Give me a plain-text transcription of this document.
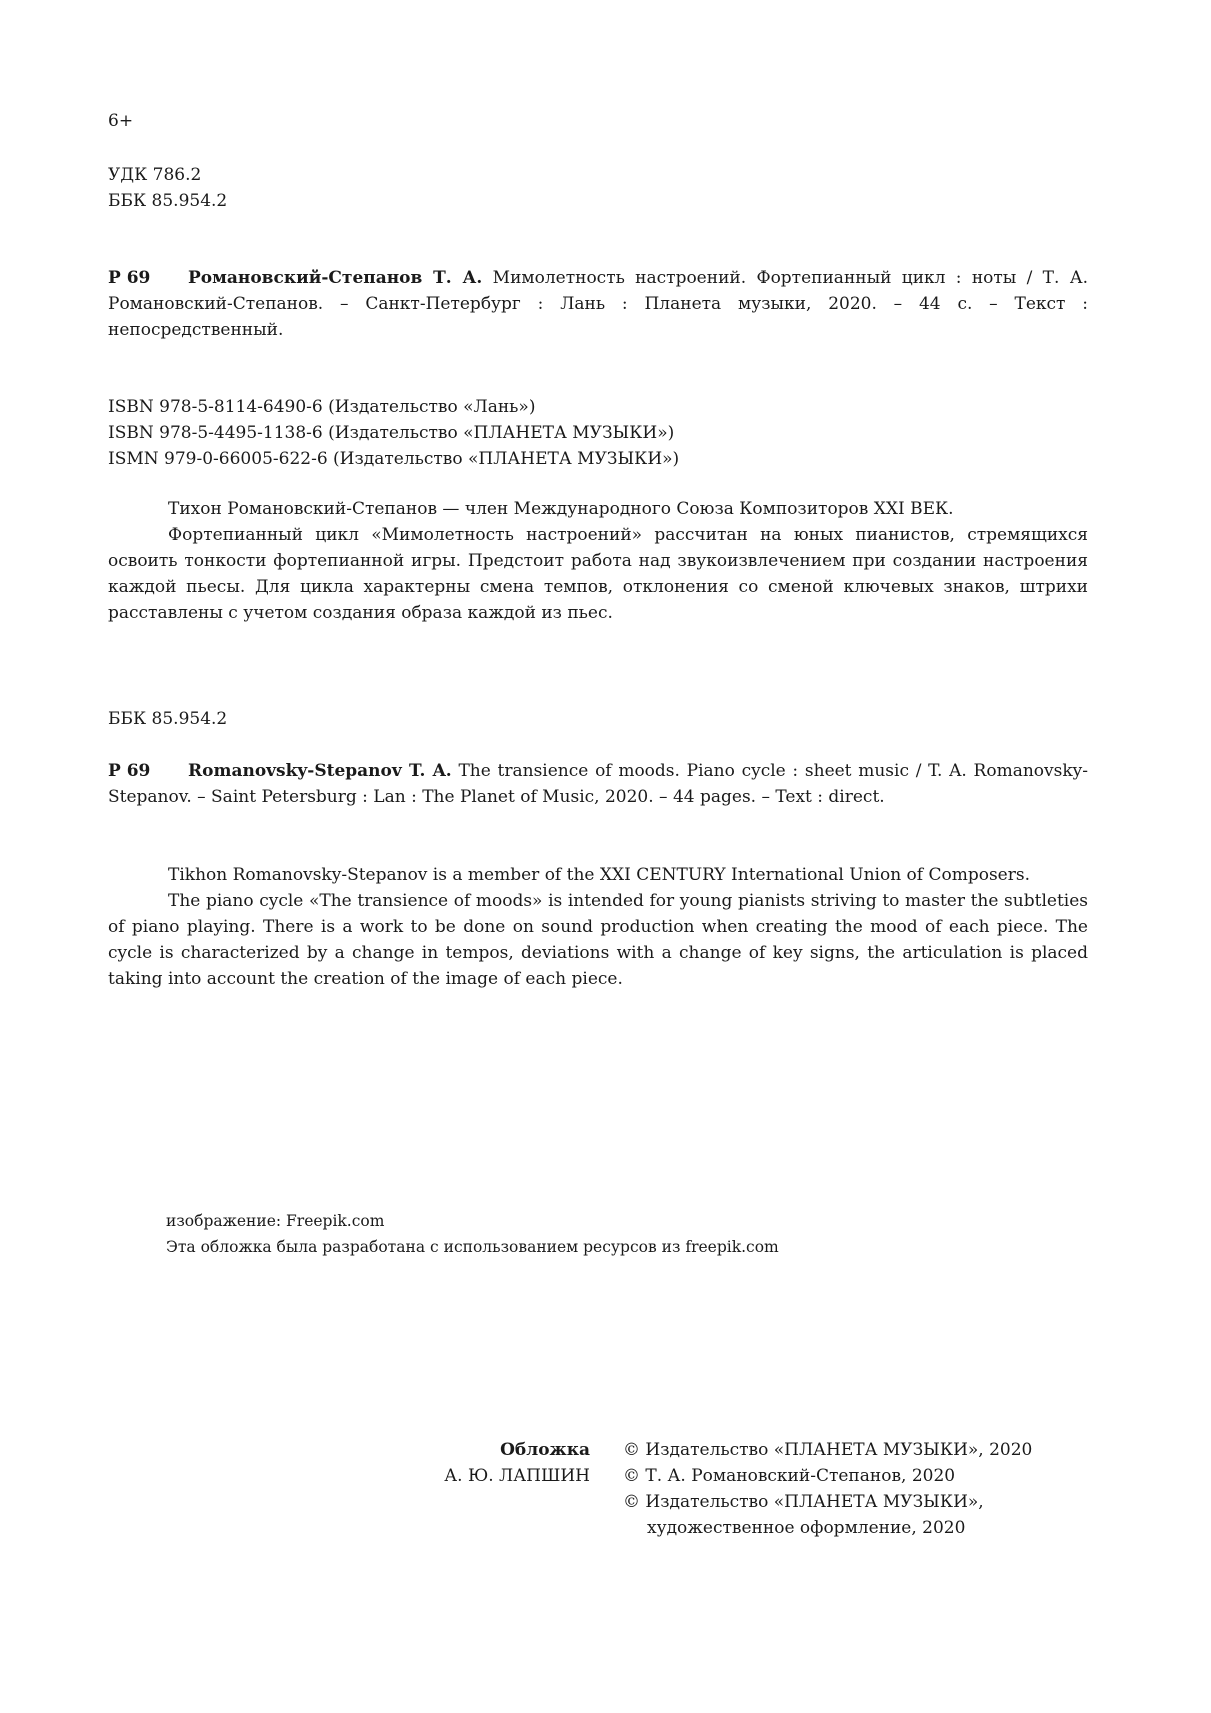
6+
УДК 786.2
ББК 85.954.2
Р 69 Романовский-Степанов Т. А. Мимолетность настроений. Фортепианный цикл : ноты / Т. А. Романовский-Степанов. – Санкт-Петербург : Лань : Планета музыки, 2020. – 44 с. – Текст : непосредственный.
ISBN 978-5-8114-6490-6 (Издательство «Лань»)
ISBN 978-5-4495-1138-6 (Издательство «ПЛАНЕТА МУЗЫКИ»)
ISMN 979-0-66005-622-6 (Издательство «ПЛАНЕТА МУЗЫКИ»)
Тихон Романовский-Степанов — член Международного Союза Композиторов XXI ВЕК.
Фортепианный цикл «Мимолетность настроений» рассчитан на юных пианистов, стремящихся освоить тонкости фортепианной игры. Предстоит работа над звукоизвлечением при создании настроения каждой пьесы. Для цикла характерны смена темпов, отклонения со сменой ключевых знаков, штрихи расставлены с учетом создания образа каждой из пьес.
ББК 85.954.2
P 69 Romanovsky-Stepanov T. A. The transience of moods. Piano cycle : sheet music / T. A. Romanovsky-Stepanov. – Saint Petersburg : Lan : The Planet of Music, 2020. – 44 pages. – Text : direct.
Tikhon Romanovsky-Stepanov is a member of the XXI CENTURY International Union of Composers.
The piano cycle «The transience of moods» is intended for young pianists striving to master the subtleties of piano playing. There is a work to be done on sound production when creating the mood of each piece. The cycle is characterized by a change in tempos, deviations with a change of key signs, the articulation is placed taking into account the creation of the image of each piece.
изображение: Freepik.com
Эта обложка была разработана с использованием ресурсов из freepik.com
Обложка
А. Ю. ЛАПШИН
© Издательство «ПЛАНЕТА МУЗЫКИ», 2020
© Т. А. Романовский-Степанов, 2020
© Издательство «ПЛАНЕТА МУЗЫКИ»,
художественное оформление, 2020
